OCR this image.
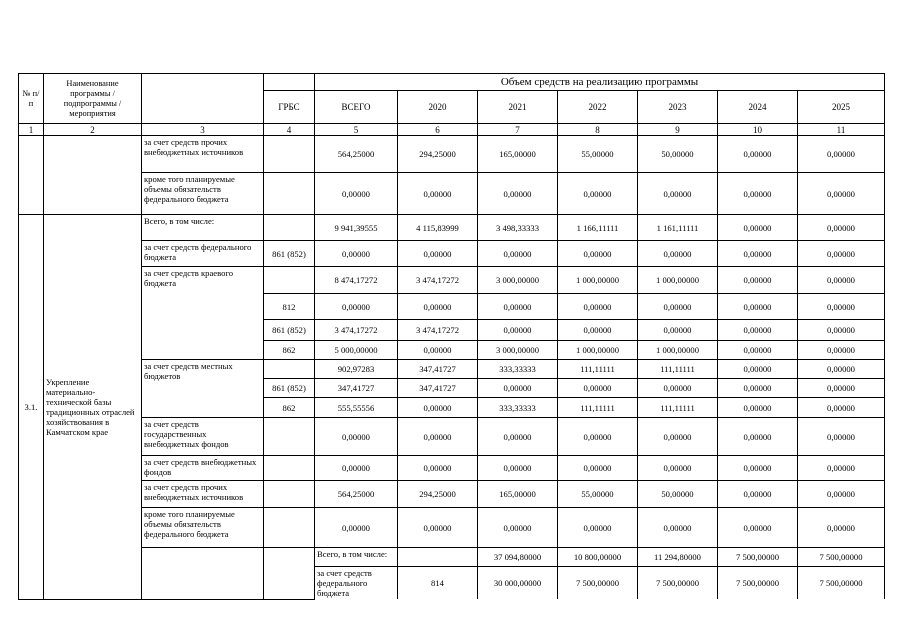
№ п/п	Наименование программы / подпрограммы / мероприятия			Объем средств на реализацию программы							
			ГРБС	ВСЕГО	2020	2021	2022	2023	2024	2025	
1	2	3	4	5	6	7	8	9	10	11	
		за счет средств прочих внебюджетных источников		564,25000	294,25000	165,00000	55,00000	50,00000	0,00000	0,00000	
		кроме того планируемые объемы обязательств федерального бюджета		0,00000	0,00000	0,00000	0,00000	0,00000	0,00000	0,00000	
3.1.	Укрепление материально-технической базы традиционных отраслей хозяйствования в Камчатском крае	Всего, в том числе:		9 941,39555	4 115,83999	3 498,33333	1 166,11111	1 161,11111	0,00000	0,00000	
		за счет средств федерального бюджета	861 (852)	0,00000	0,00000	0,00000	0,00000	0,00000	0,00000	0,00000	
		за счет средств краевого бюджета		8 474,17272	3 474,17272	3 000,00000	1 000,00000	1 000,00000	0,00000	0,00000	
			812	0,00000	0,00000	0,00000	0,00000	0,00000	0,00000	0,00000	
			861 (852)	3 474,17272	3 474,17272	0,00000	0,00000	0,00000	0,00000	0,00000	
			862	5 000,00000	0,00000	3 000,00000	1 000,00000	1 000,00000	0,00000	0,00000	
		за счет средств местных бюджетов		902,97283	347,41727	333,33333	111,11111	111,11111	0,00000	0,00000	
			861 (852)	347,41727	347,41727	0,00000	0,00000	0,00000	0,00000	0,00000	
			862	555,55556	0,00000	333,33333	111,11111	111,11111	0,00000	0,00000	
		за счет средств государственных внебюджетных фондов		0,00000	0,00000	0,00000	0,00000	0,00000	0,00000	0,00000	
		за счет средств внебюджетных фондов		0,00000	0,00000	0,00000	0,00000	0,00000	0,00000	0,00000	
		за счет средств прочих внебюджетных источников		564,25000	294,25000	165,00000	55,00000	50,00000	0,00000	0,00000	
		кроме того планируемые объемы обязательств федерального бюджета		0,00000	0,00000	0,00000	0,00000	0,00000	0,00000	0,00000	
				Всего, в том числе:		37 094,80000	10 800,00000	11 294,80000	7 500,00000	7 500,00000		
				за счет средств федерального бюджета	814	30 000,00000	7 500,00000	7 500,00000	7 500,00000	7 500,00000		
